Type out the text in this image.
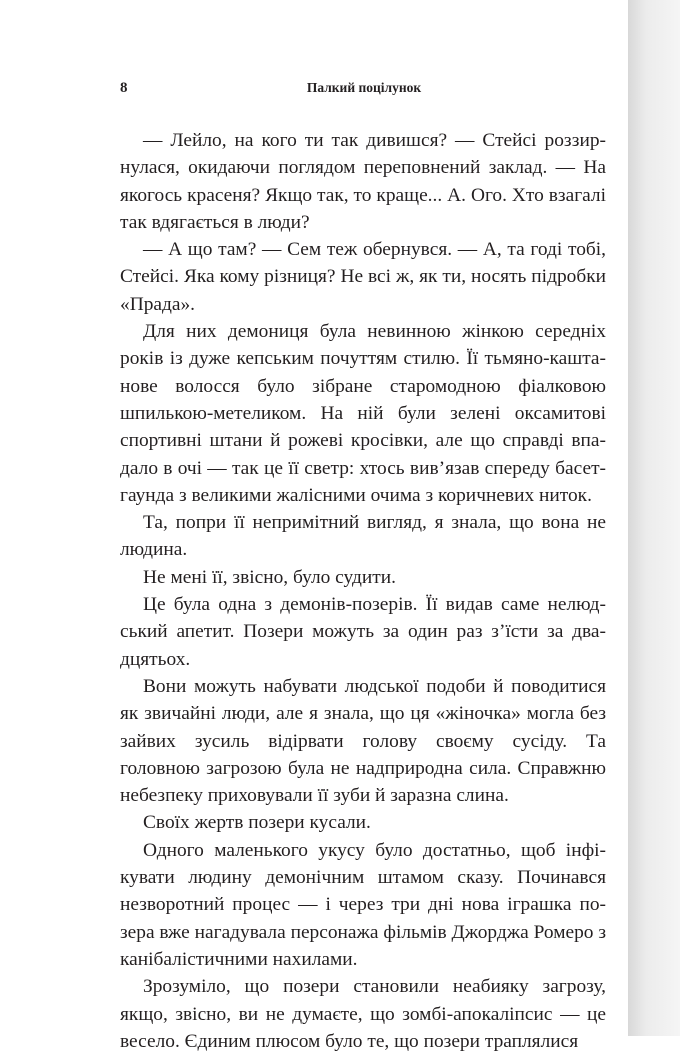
8	Палкий поцілунок

— Лейло, на кого ти так дивишся? — Стейсі роззирнулася, окидаючи поглядом переповнений заклад. — На якогось красеня? Якщо так, то краще... А. Ого. Хто взагалі так вдягається в люди?

— А що там? — Сем теж обернувся. — А, та годі тобі, Стейсі. Яка кому різниця? Не всі ж, як ти, носять підробки «Прада».

Для них демониця була невинною жінкою середніх років із дуже кепським почуттям стилю. Її тьмяно-каштанове волосся було зібране старомодною фіалковою шпилькою-метеликом. На ній були зелені оксамитові спортивні штани й рожеві кросівки, але що справді впадало в очі — так це її светр: хтось вив’язав спереду басет-гаунда з великими жалісними очима з коричневих ниток.

Та, попри її непримітний вигляд, я знала, що вона не людина.

Не мені її, звісно, було судити.

Це була одна з демонів-позерів. Її видав саме нелюдський апетит. Позери можуть за один раз з’їсти за двадцятьох.

Вони можуть набувати людської подоби й поводитися як звичайні люди, але я знала, що ця «жіночка» могла без зайвих зусиль відірвати голову своєму сусіду. Та головною загрозою була не надприродна сила. Справжню небезпеку приховували її зуби й заразна слина.

Своїх жертв позери кусали.

Одного маленького укусу було достатньо, щоб інфікувати людину демонічним штамом сказу. Починався незворотний процес — і через три дні нова іграшка позера вже нагадувала персонажа фільмів Джорджа Ромеро з канібалістичними нахилами.

Зрозуміло, що позери становили неабияку загрозу, якщо, звісно, ви не думаєте, що зомбі-апокаліпсис — це весело. Єдиним плюсом було те, що позери траплялися
